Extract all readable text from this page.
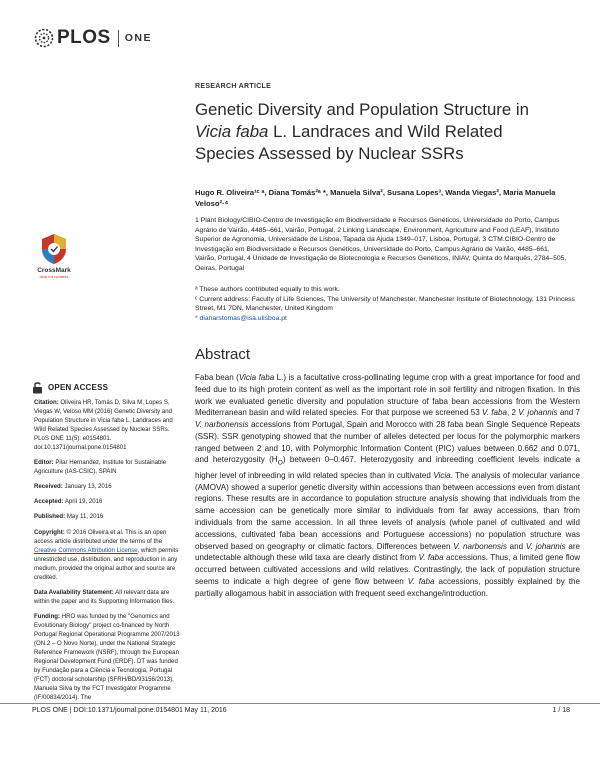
PLOS ONE
RESEARCH ARTICLE
Genetic Diversity and Population Structure in
Vicia faba L. Landraces and Wild Related
Species Assessed by Nuclear SSRs
Hugo R. Oliveira¹ᶜ ᵃ, Diana Tomás²ᵃ *, Manuela Silva², Susana Lopes³, Wanda Viegas², Maria Manuela Veloso²·⁴
1 Plant Biology/CIBIO-Centro de Investigação em Biodiversidade e Recursos Genéticos, Universidade do Porto, Campus Agrário de Vairão, 4485–661, Vairão, Portugal, 2 Linking Landscape, Environment, Agriculture and Food (LEAF), Instituto Superior de Agronomia, Universidade de Lisboa, Tapada da Ajuda 1349–017, Lisboa, Portugal, 3 CTM.CIBIO-Centro de Investigação em Biodiversidade e Recursos Genéticos, Universidade do Porto, Campus Agrário de Vairão, 4485–661, Vairão, Portugal, 4 Unidade de Investigação de Biotecnologia e Recursos Genéticos, INIAV, Quinta do Marquês, 2784–505, Oeiras, Portugal
ᵃ These authors contributed equally to this work.
ᶜ Current address: Faculty of Life Sciences, The University of Manchester, Manchester Institute of Biotechnology, 131 Princess Street, M1 7DN, Manchester, United Kingdom
* dianarstomas@isa.ulisboa.pt
CrossMark
click for updates
OPEN ACCESS

Citation: Oliveira HR, Tomás D, Silva M, Lopes S, Viegas W, Veloso MM (2016) Genetic Diversity and Population Structure in Vicia faba L. Landraces and Wild Related Species Assessed by Nuclear SSRs. PLoS ONE 11(5): e0154801. doi:10.1371/journal.pone.0154801

Editor: Pilar Hernandez, Institute for Sustainable Agriculture (IAS-CSIC), SPAIN

Received: January 13, 2016

Accepted: April 19, 2016

Published: May 11, 2016

Copyright: © 2016 Oliveira et al. This is an open access article distributed under the terms of the Creative Commons Attribution License, which permits unrestricted use, distribution, and reproduction in any medium, provided the original author and source are credited.

Data Availability Statement: All relevant data are within the paper and its Supporting Information files.

Funding: HRO was funded by the "Genomics and Evolutionary Biology" project co-financed by North Portugal Regional Operational Programme 2007/2013 (ON.2 – O Novo Norte), under the National Strategic Reference Framework (NSRF), through the European Regional Development Fund (ERDF). DT was funded by Fundação para a Ciência e Tecnologia, Portugal (FCT) doctoral scholarship (SFRH/BD/93156/2013), Manuela Silva by the FCT Investigator Programme (IF/00834/2014). The

Abstract
Faba bean (Vicia faba L.) is a facultative cross-pollinating legume crop with a great importance for food and feed due to its high protein content as well as the important role in soil fertility and nitrogen fixation. In this work we evaluated genetic diversity and population structure of faba bean accessions from the Western Mediterranean basin and wild related species. For that purpose we screened 53 V. faba, 2 V. johannis and 7 V. narbonensis accessions from Portugal, Spain and Morocco with 28 faba bean Single Sequence Repeats (SSR). SSR genotyping showed that the number of alleles detected per locus for the polymorphic markers ranged between 2 and 10, with Polymorphic Information Content (PIC) values between 0.662 and 0.071, and heterozygosity $(H_O)$ between 0–0.467. Heterozygosity and inbreeding coefficient levels indicate a higher level of inbreeding in wild related species than in cultivated Vicia. The analysis of molecular variance (AMOVA) showed a superior genetic diversity within accessions than between accessions even from distant regions. These results are in accordance to population structure analysis showing that individuals from the same accession can be genetically more similar to individuals from far away accessions, than from individuals from the same accession. In all three levels of analysis (whole panel of cultivated and wild accessions, cultivated faba bean accessions and Portuguese accessions) no population structure was observed based on geography or climatic factors. Differences between V. narbonensis and V. johannis are undetectable although these wild taxa are clearly distinct from V. faba accessions. Thus, a limited gene flow occurred between cultivated accessions and wild relatives. Contrastingly, the lack of population structure seems to indicate a high degree of gene flow between V. faba accessions, possibly explained by the partially allogamous habit in association with frequent seed exchange/introduction.
PLOS ONE | DOI:10.1371/journal.pone.0154801 May 11, 2016	1 / 18
